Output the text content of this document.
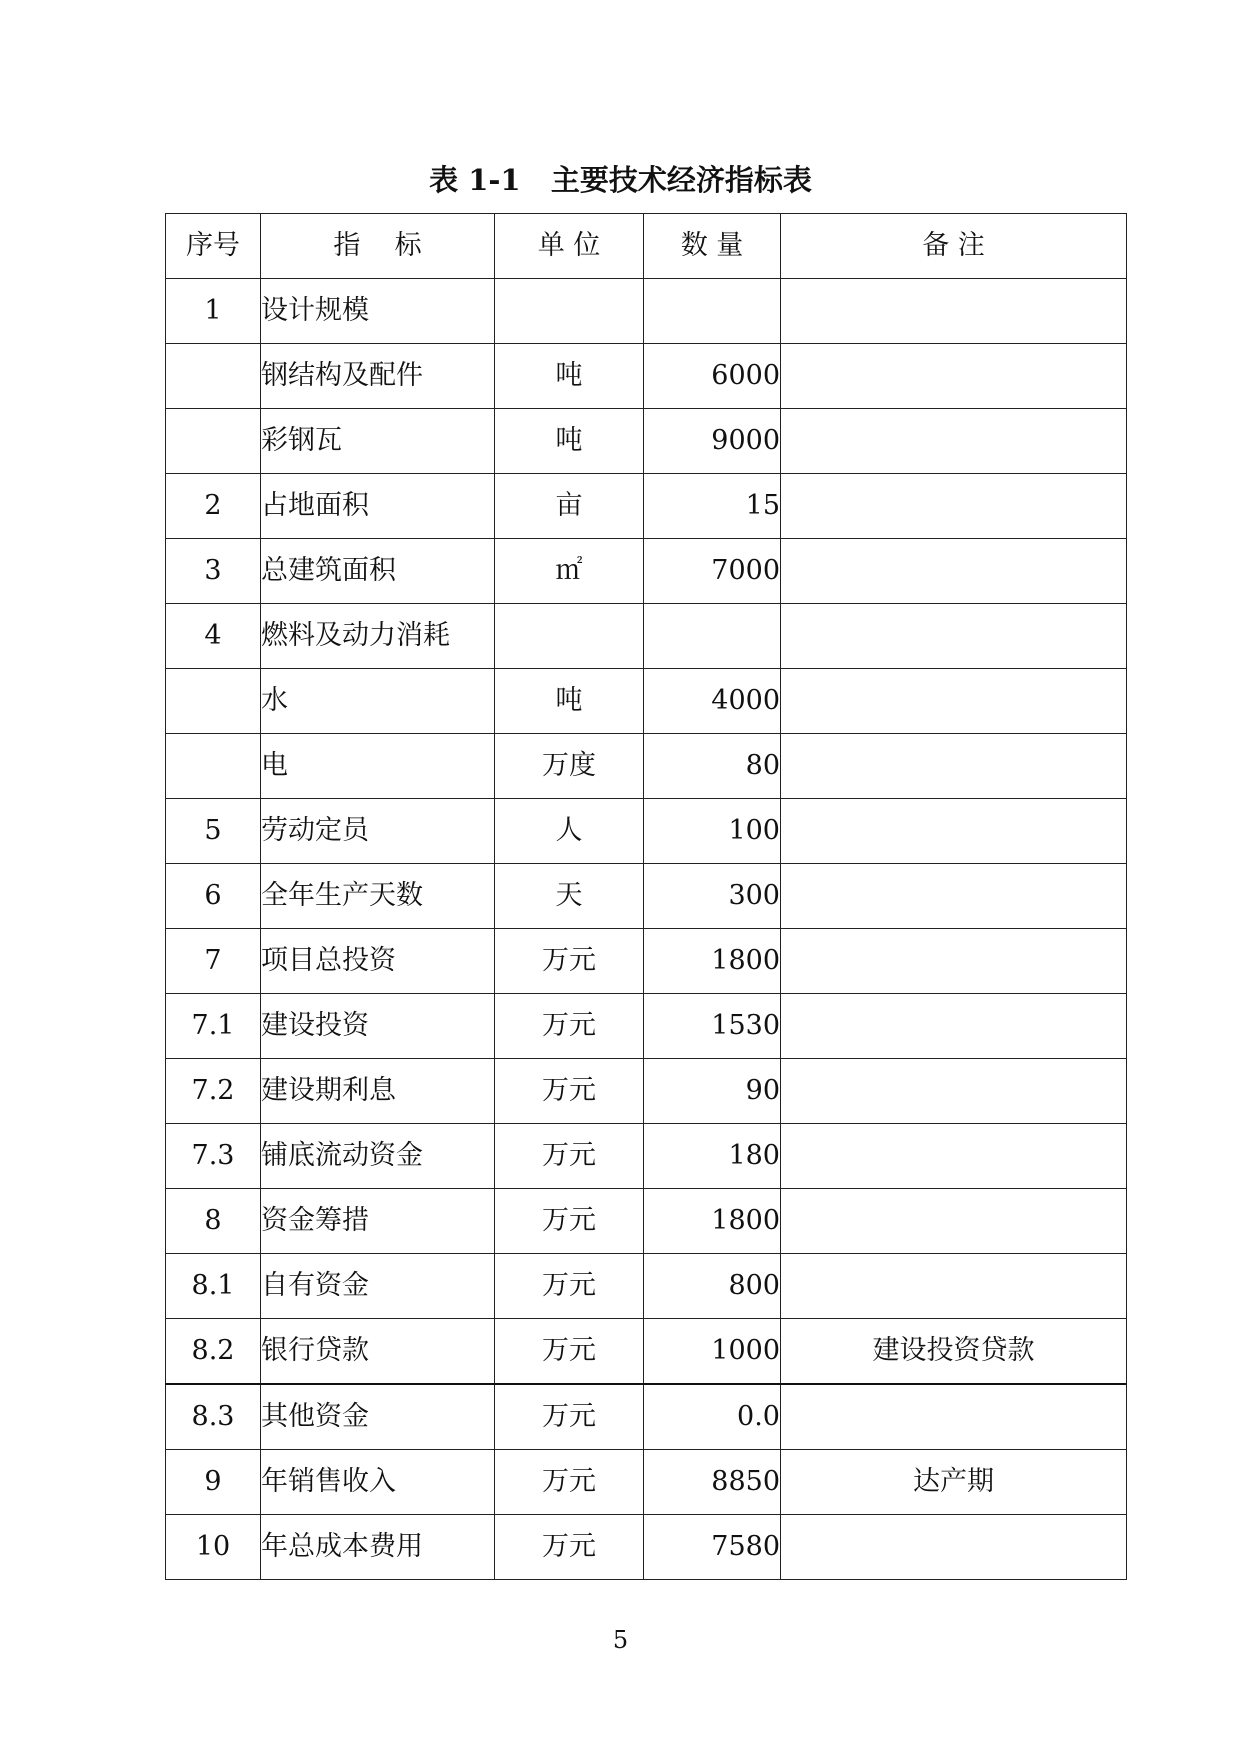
表 1-1   主要技术经济指标表
序号	指    标	单 位	数 量	备 注
1	设计规模			
	钢结构及配件	吨	6000	
	彩钢瓦	吨	9000	
2	占地面积	亩	15	
3	总建筑面积	㎡	7000	
4	燃料及动力消耗			
	水	吨	4000	
	电	万度	80	
5	劳动定员	人	100	
6	全年生产天数	天	300	
7	项目总投资	万元	1800	
7.1	建设投资	万元	1530	
7.2	建设期利息	万元	90	
7.3	铺底流动资金	万元	180	
8	资金筹措	万元	1800	
8.1	自有资金	万元	800	
8.2	银行贷款	万元	1000	建设投资贷款
8.3	其他资金	万元	0.0	
9	年销售收入	万元	8850	达产期
10	年总成本费用	万元	7580	
5
